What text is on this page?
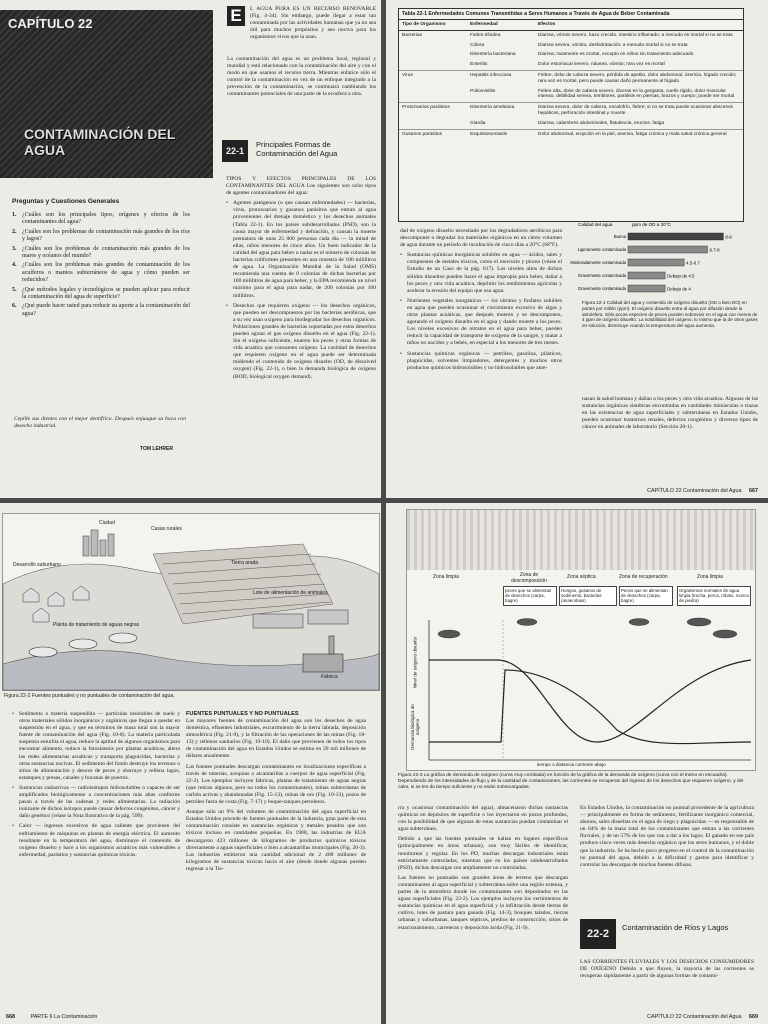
CAPÍTULO 22
CONTAMINACIÓN DEL AGUA
Preguntas y Cuestiones Generales
1. ¿Cuáles son los principales tipos, orígenes y efectos de los contaminantes del agua?
2. ¿Cuáles son los problemas de contaminación más grandes de los ríos y lagos?
3. ¿Cuáles son los problemas de contaminación más grandes de los mares y océanos del mundo?
4. ¿Cuáles son los problemas más grandes de contaminación de los acuíferos o mantos subterráneos de agua y cómo pueden ser reducidos?
5. ¿Qué métodos legales y tecnológicos se pueden aplicar para reducir la contaminación del agua de superficie?
6. ¿Qué puede hacer usted para reducir su aporte a la contaminación del agua?
Cepille sus dientes con el mejor dentífrico. Después enjuague su boca con desecho industrial.
TOM LEHRER
E	L AGUA PURA ES UN RECURSO RENOVABLE (Fig. 4-34). Sin embargo, puede llegar a estar tan contaminada por las actividades humanas que ya no sea útil para muchos propósitos y sea nociva para los organismos vivos que la usan.
La contaminación del agua es un problema local, regional y mundial y está relacionado con la contaminación del aire y con el modo en que usamos el recurso tierra. Mientras enfatice sólo el control de la contaminación en vez de un enfoque integrado a la prevención de la contaminación, se continuará cambiando los contaminantes potenciales de una parte de la ecosfera a otra.
22-1
Principales Formas de Contaminación del Agua
TIPOS Y EFECTOS PRINCIPALES DE LOS CONTAMINANTES DEL AGUA Los siguientes son ocho tipos de agentes contaminadores del agua:
• Agentes patógenos (o que causan enfermedades) — bacterias, virus, protozoarios y gusanos parásitos que entran al agua provenientes del drenaje doméstico y los desechos animales (Tabla 22-1). En los países subdesarrollados (PSD), son la causa mayor de enfermedad y defunción, y causan la muerte prematura de unas 25 000 personas cada día — la mitad de ellas, niños menores de cinco años. Un buen indicador de la calidad del agua para beber o nadar es el número de colonias de bacterias coliformes presentes en una muestra de 100 mililitros de agua. La Organización Mundial de la Salud (OMS) recomienda una cuenta de 0 colonias de dichas bacterias por 100 mililitros de agua para beber, y la EPA recomienda un nivel máximo para el agua para nadar, de 200 colonias por 100 mililitros.
• Desechos que requieren oxígeno — los desechos orgánicos, que pueden ser descompuestos por las bacterias aeróbicas, que a su vez usan oxígeno para biodegradar los desechos orgánicos. Poblaciones grandes de bacterias soportadas por estos desechos pueden agotar el gas oxígeno disuelto en el agua (Fig. 22-1). Sin el oxígeno suficiente, mueren los peces y otras formas de vida acuática que consumen oxígeno. La cantidad de desechos que requieren oxígeno en el agua puede ser determinada midiendo el contenido de oxígeno disuelto (OD, de dissolved oxygen) (Fig. 22-1), o bien la demanda biológica de oxígeno (BOD, biological oxygen demand).
Tabla 22-1 Enfermedades Comunes Transmitidas a Seres Humanos a Través de Agua de Beber Contaminada
Tipo de Organismo	Enfermedad	Efectos
Bacterias	Fiebre tifoidea	Diarrea, vómito severo, bazo crecido, intestino inflamado; a menudo es mortal si no se trata
	Cólera	Diarrea severa, vómito, deshidratación; a menudo mortal si no se trata
	Disentería bacteriana	Diarrea; raramente es mortal, excepto en niños sin tratamiento adecuado
	Enteritis	Dolor estomacal severo, náusea, vómito; rara vez es mortal
Virus	Hepatitis infecciosa	Fiebre, dolor de cabeza severo, pérdida de apetito, dolor abdominal, ictericia, hígado crecido; rara vez es mortal, pero puede causar daño permanente al hígado
	Poliomielitis	Fiebre alta, dolor de cabeza severo, úlceras en la garganta, cuello rígido, dolor muscular intenso, debilidad severa, temblores, parálisis en piernas, brazos y cuerpo; puede ser mortal
Protozoarios parásitos	Disentería amebiana	Diarrea severa, dolor de cabeza, escalofrío, fiebre; si no se trata puede ocasionar abscesos hepáticos, perforación intestinal y muerte
	Giardia	Diarrea, calambres abdominales, flatulencia, eructos, fatiga
Gusanos parásitos	Esquistosomiasis	Dolor abdominal, erupción en la piel, anemia, fatiga crónica y mala salud crónica general
dad de oxígeno disuelto necesitado por los degradadores aeróbicos para descomponer o degradar los materiales orgánicos en un cierto volumen de agua durante un período de incubación de cinco días a 20°C (68°F).
• Sustancias químicas inorgánicas solubles en agua — ácidos, sales y compuestos de metales tóxicos, como el mercurio y plomo (véase el Estudio de un Caso de la pág. 617). Los niveles altos de dichos sólidos disueltos pueden hacer el agua impropia para beber, dañar a los peces y otra vida acuática, deprimir los rendimientos agrícolas y acelerar la erosión del equipo que usa agua.
• Nutrientes vegetales inorgánicos — los nitratos y fosfatos solubles en agua que pueden ocasionar el crecimiento excesivo de algas y otras plantas acuáticas, que después mueren y se descomponen, agotando el oxígeno disuelto en el agua y dando muerte a los peces. Los niveles excesivos de nitratos en el agua para beber, pueden reducir la capacidad de transporte de oxígeno de la sangre, y matar a niños no nacidos y a bebés, en especial a los menores de tres meses.
• Sustancias químicas orgánicas — petróleo, gasolina, plásticos, plaguicidas, solventes limpiadores, detergentes y muchos otros productos químicos hidrosolubles y no hidrosolubles que ame-
Calidad del agua	ppm de OD a 20°C
Buena	8-9
Ligeramente contaminada	6.7-8
Moderadamente contaminada	4.5-6.7
Gravemente contaminada	Debajo de 4.5
Gravemente contaminada	Debajo de 4
Figura 22-1 Calidad del agua y contenido de oxígeno disuelto (OD o bien DO) en partes por millón (ppm). El oxígeno disuelto entra al agua por difusión desde la atmósfera. Sólo pocas especies de peces pueden sobrevivir en el agua con menos de 4 ppm de oxígeno disuelto. La solubilidad del oxígeno, lo mismo que la de otros gases en solución, disminuye cuando la temperatura del agua aumenta.
nazan la salud humana y dañan a los peces y otra vida acuática. Algunas de las sustancias orgánicas sintéticas encontradas en cantidades minúsculas o trazas en las existencias de agua superficiales y subterráneas en Estados Unidos, pueden ocasionar trastornos renales, defectos congénitos y diversos tipos de cáncer en animales de laboratorio (Sección 20-1).
CAPÍTULO 22 Contaminación del Agua 667
Ciudad
Casas rurales
Desarrollo suburbano	Tierra arada
Lote de alimentación de animales
Planta de tratamiento de aguas negras
Fábrica
Figura 22-2 Fuentes puntuales y no puntuales de contaminación del agua.
• Sedimento o materia suspendida — partículas insolubles de suelo y otros materiales sólidos inorgánicos y orgánicos que llegan a quedar en suspensión en el agua, y que en términos de masa total son la mayor fuente de contaminación del agua (Fig. 10-8). La materia particulada suspensa enturbia el agua, reduce la aptitud de algunos organismos para encontrar alimento, reduce la fotosíntesis por plantas acuáticas, altera las redes alimentarias acuáticas y transporta plaguicidas, bacterias y otras sustancias nocivas. El sedimento del fondo destruye los terrenos o sitios de alimentación y desove de peces y obstruye y rellena lagos, estanques y presas, canales y bocanas de puertos.
• Sustancias radiactivas — radioisótopos hidrosolubles o capaces de ser amplificados biológicamente a concentraciones más altas conforme pasan a través de las cadenas y redes alimentarias. La radiación ionizante de dichos isótopos puede causar defectos congénitos, cáncer y daño genético (véase la Nota Ilustrativa de la pág. 599).
• Calor — ingresos excesivos de agua caliente que provienen del enfriamiento de máquinas en plantas de energía eléctrica. El aumento resultante en la temperatura del agua, disminuye el contenido de oxígeno disuelto y hace a los organismos acuáticos más vulnerables a enfermedad, parásitos y sustancias químicas tóxicas.
FUENTES PUNTUALES Y NO PUNTUALES
Las mayores fuentes de contaminación del agua son los desechos de agua doméstica, efluentes industriales, escurrimiento de la tierra labrada, deposición atmosférica (Fig. 21-9), y la filtración de las operaciones de las minas (Fig. 18-13) y rellenos sanitarios (Fig. 19-10). El daño que provienen de todos los tipos de contaminación del agua en Estados Unidos se estima en 20 mil millones de dólares anualmente.
Las fuentes puntuales descargan contaminantes en localizaciones específicas a través de tuberías, acequias o alcantarillas a cuerpos de agua superficial (Fig. 22-2). Los ejemplos incluyen fábricas, plantas de tratamiento de aguas negras (que retiran algunos, pero no todos los contaminantes), minas subterráneas de carbón activas y abandonadas (Fig. 15-13), minas de oro (Fig. 10-13), pozos de petróleo fuera de costa (Fig. 7-17) y buque-tanques petroleros.
Aunque sólo un 9% del volumen de contaminación del agua superficial en Estados Unidos procede de fuentes puntuales de la industria, gran parte de esta contaminación consiste en sustancias orgánicas y metales pesados que son tóxicos incluso en cantidades pequeñas. En 1988, las industrias de EUA descargaron 423 millones de kilogramos de productos químicos tóxicos directamente a aguas superficiales o bien a alcantarillas municipales (Fig. 20-3). Las industrias emitieron una cantidad adicional de 2 400 millones de kilogramos de sustancias tóxicas hacia el aire (desde donde algunas pueden regresar a la Tie-
668	PARTE 6 La Contaminación
Zona limpia	Zona de descomposición
Zona séptica	Zona de recuperación	Zona limpia
peces que se alimentan de desechos (carpa, bagre)
Hongos, gusanos de sedimento, bacterias (anaerobias)
Peces que se alimentan de desechos (carpa, bagre)
Organismos normales de agua limpia (trucha, perca, róbalo, mosca de piedra)
Nivel de oxígeno disuelto
Demanda biológica de oxígeno
tiempo o distancia corriente abajo
Figura 22-3 La gráfica de demanda de oxígeno (curva muy combada) en función de la gráfica de la demanda de oxígeno (curva con el tramo en escuadra). Dependiendo de los intensidades de flujo y de la cantidad de contaminantes, las corrientes se recuperan del ingreso de los desechos que requieren oxígeno, y del calor, si se les da tiempo suficiente y no están sobrecargadas.
rra y ocasionar contaminación del agua), almacenaron dichas sustancias químicas en depósitos de superficie o los inyectaron en pozos profundos, con la posibilidad de que algunas de estas sustancias puedan contaminar el agua subterránea.
Debido a que las fuentes puntuales se hallan en lugares específicos (principalmente en áreas urbanas), son muy fáciles de identificar, monitorear y regular. En los PD, muchas descargas industriales están estrictamente controladas, mientras que en los países subdesarrollados (PSD), dichas descargas son ampliamente no controladas.
Las fuentes no puntuales son grandes áreas de terreno que descargan contaminantes al agua superficial y subterránea sobre una región extensa, y partes de la atmósfera donde los contaminantes son depositados en las aguas superficiales (Fig. 22-2). Los ejemplos incluyen los vertimientos de sustancias químicas en el agua superficial y la infiltración desde tierras de cultivo, lotes de pastura para ganado (Fig. 14-3), bosques talados, tierras urbanas y suburbanas, tanques sépticos, predios de construcción, sitios de estacionamiento, carreteras y deposición ácida (Fig. 21-9).
En Estados Unidos, la contaminación no puntual procedente de la agricultura — principalmente en forma de sedimento, fertilizante inorgánico comercial, abonos, sales disueltas en el agua de riego y plaguicidas — es responsable de un 64% de la masa total de los contaminantes que entran a las corrientes fluviales, y de un 57% de los que van a dar a los lagos. El ganado en ese país produce cinco veces más desecho orgánico que los seres humanos, y el doble que la industria. Se ha hecho poco progreso en el control de la contaminación no puntual del agua, debido a la dificultad y gastos para identificar y controlar las descargas de muchas fuentes difusas.
22-2
Contaminación de Ríos y Lagos
LAS CORRIENTES FLUVIALES Y LOS DESECHOS CONSUMIDORES DE OXÍGENO Debido a que fluyen, la mayoría de las corrientes se recuperan rápidamente a partir de algunas formas de contami-
CAPÍTULO 22 Contaminación del Agua 669
